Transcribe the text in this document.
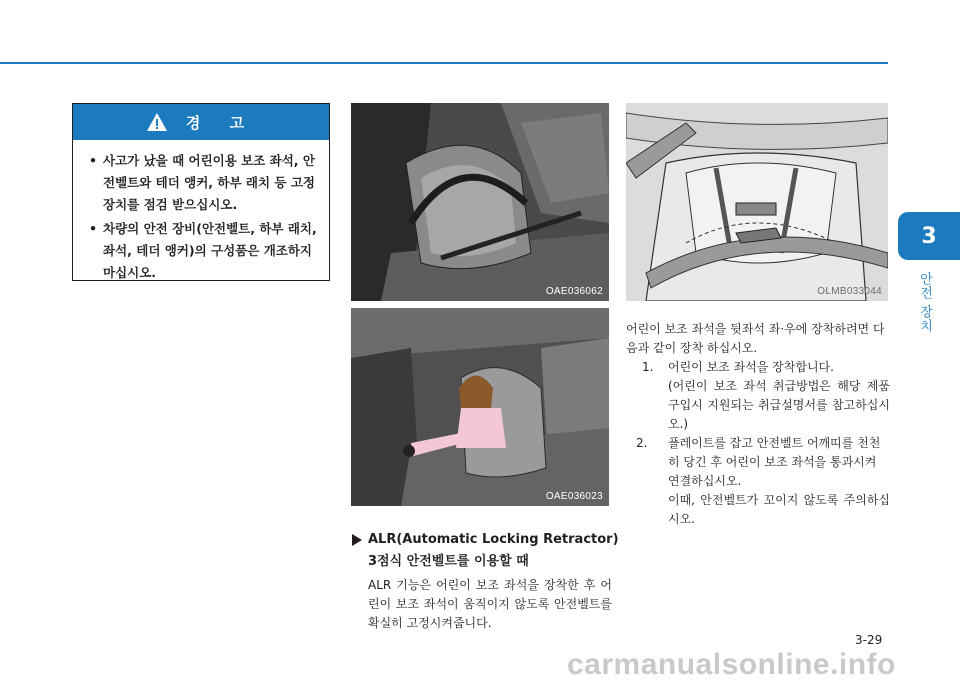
3
안전 장치
경 고
• 사고가 났을 때 어린이용 보조 좌석, 안전벨트와 테더 앵커, 하부 래치 등 고정장치를 점검 받으십시오.
• 차량의 안전 장비(안전벨트, 하부 래치, 좌석, 테더 앵커)의 구성품은 개조하지 마십시오.
OAE036062
OAE036023
OLMB033044
ALR(Automatic Locking Retractor)
3점식 안전벨트를 이용할 때
ALR 기능은 어린이 보조 좌석을 장착한 후 어린이 보조 좌석이 움직이지 않도록 안전벨트를 확실히 고정시켜줍니다.

어린이 보조 좌석을 뒷좌석 좌·우에 장착하려면 다음과 같이 장착 하십시오.

1.	어린이 보조 좌석을 장착합니다.
(어린이 보조 좌석 취급방법은 해당 제품 구입시 지원되는 취급설명서를 참고하십시오.)
2.	플레이트를 잡고 안전벨트 어깨띠를 천천히 당긴 후 어린이 보조 좌석을 통과시켜 연결하십시오.
이때, 안전벨트가 꼬이지 않도록 주의하십시오.
3-29
carmanualsonline.info
